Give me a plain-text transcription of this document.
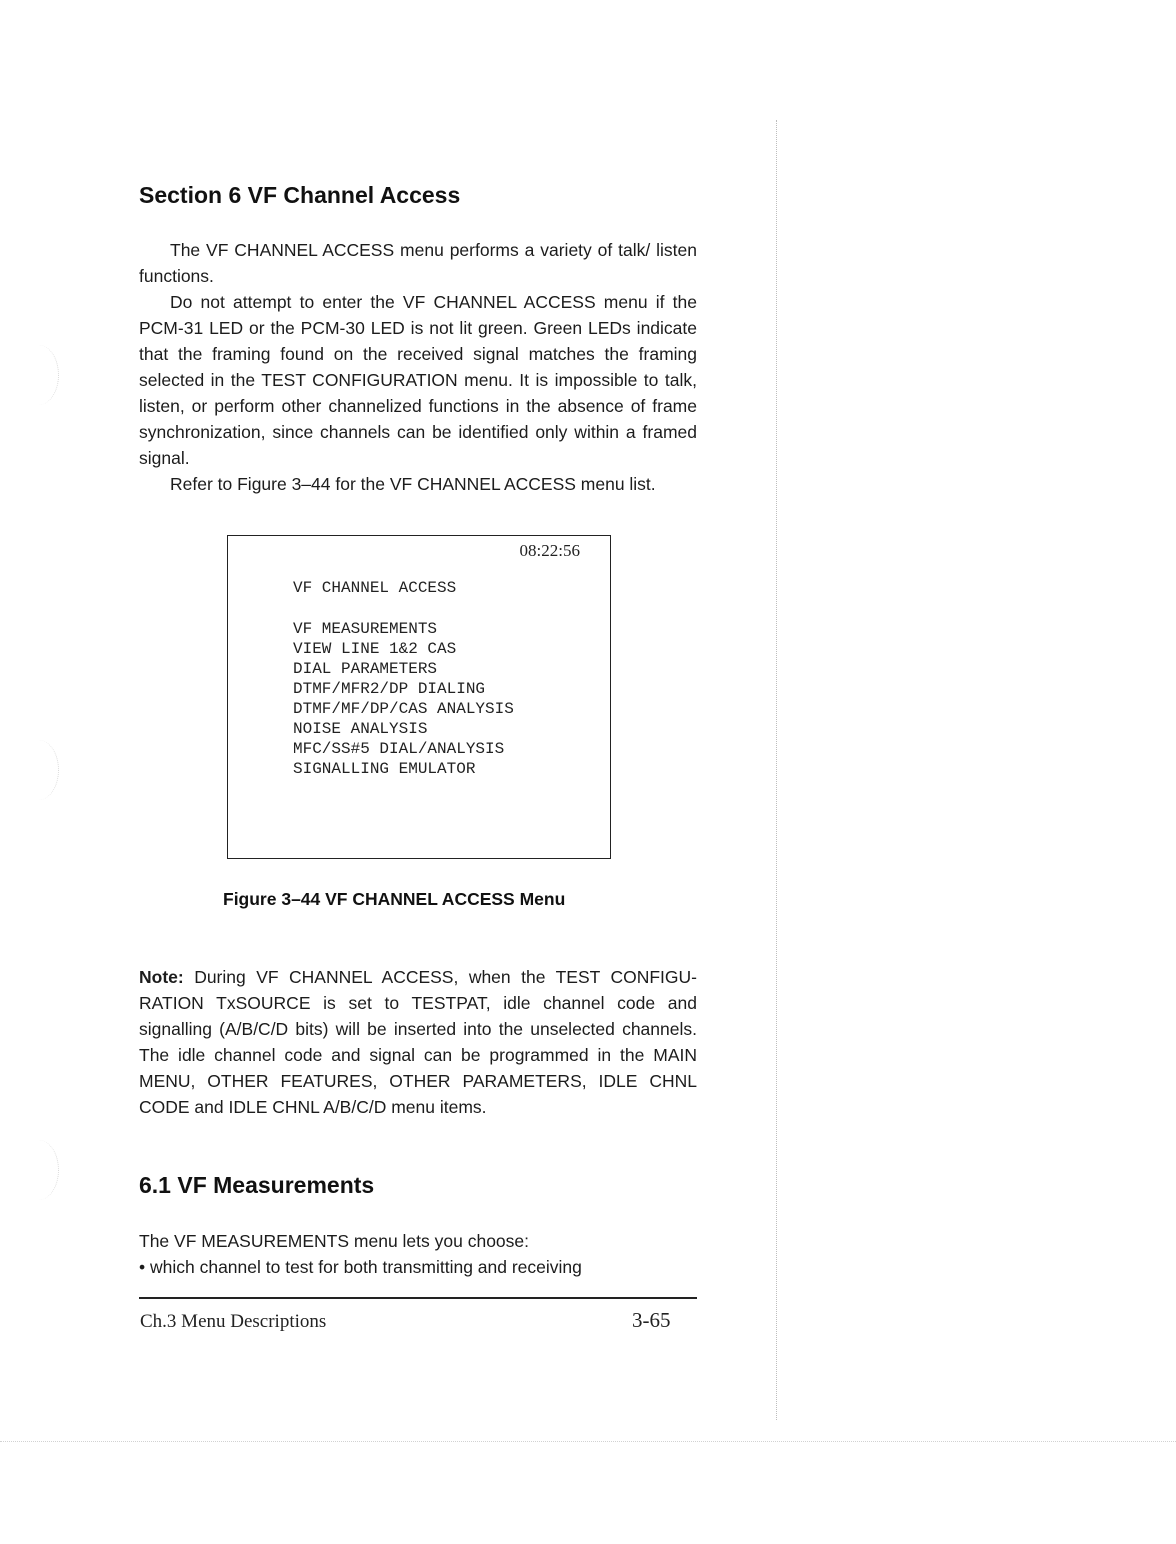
Section 6 VF Channel Access

The VF CHANNEL ACCESS menu performs a variety of talk/ listen functions.

Do not attempt to enter the VF CHANNEL ACCESS menu if the PCM-31 LED or the PCM-30 LED is not lit green. Green LEDs indicate that the framing found on the received signal matches the framing selected in the TEST CONFIGURATION menu. It is impossible to talk, listen, or perform other channelized functions in the absence of frame synchronization, since channels can be identified only within a framed signal.

Refer to Figure 3–44 for the VF CHANNEL ACCESS menu list.

08:22:56
VF CHANNEL ACCESS
VF MEASUREMENTS
VIEW LINE 1&2 CAS
DIAL PARAMETERS
DTMF/MFR2/DP DIALING
DTMF/MF/DP/CAS ANALYSIS
NOISE ANALYSIS
MFC/SS#5 DIAL/ANALYSIS
SIGNALLING EMULATOR
Figure 3–44 VF CHANNEL ACCESS Menu

Note: During VF CHANNEL ACCESS, when the TEST CONFIGU-RATION TxSOURCE is set to TESTPAT, idle channel code and signalling (A/B/C/D bits) will be inserted into the unselected channels. The idle channel code and signal can be programmed in the MAIN MENU, OTHER FEATURES, OTHER PARAMETERS, IDLE CHNL CODE and IDLE CHNL A/B/C/D menu items.

6.1 VF Measurements

The VF MEASUREMENTS menu lets you choose:

• which channel to test for both transmitting and receiving

Ch.3 Menu Descriptions	3-65
